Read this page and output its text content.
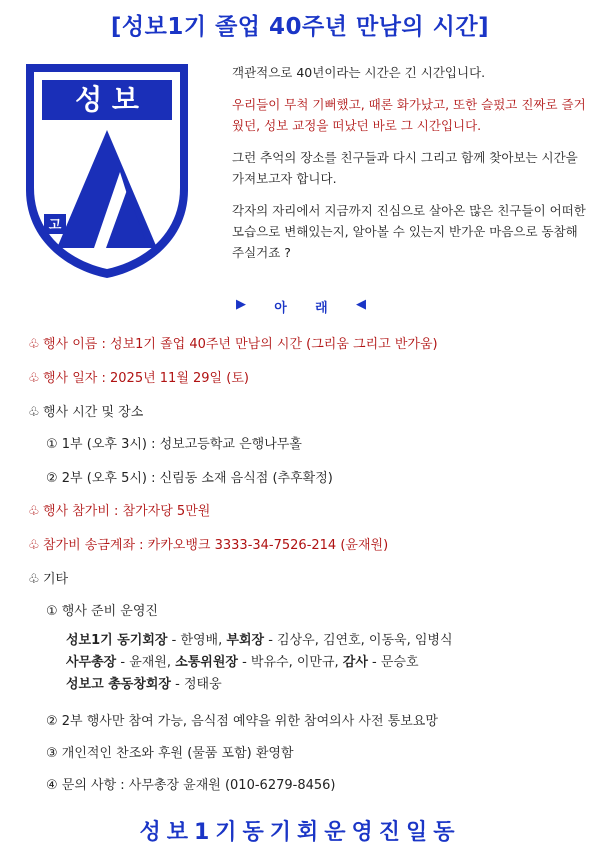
[성보1기 졸업 40주년 만남의 시간]
성 보
고

객관적으로 40년이라는 시간은 긴 시간입니다.

우리들이 무척 기뻐했고, 때론 화가났고, 또한 슬펐고 진짜로 즐거웠던, 성보 교정을 떠났던 바로 그 시간입니다.

그런 추억의 장소를 친구들과 다시 그리고 함께 찾아보는 시간을 가져보고자 합니다.

각자의 자리에서 지금까지 진심으로 살아온 많은 친구들이 어떠한 모습으로 변해있는지, 알아볼 수 있는지 반가운 마음으로 동참해 주실거죠 ?

▶ 아 래 ◀
♧ 행사 이름 : 성보1기 졸업 40주년 만남의 시간 (그리움 그리고 반가움)
♧ 행사 일자 : 2025년 11월 29일 (토)
♧ 행사 시간 및 장소
① 1부 (오후 3시) : 성보고등학교 은행나무홀
② 2부 (오후 5시) : 신림동 소재 음식점 (추후확정)
♧ 행사 참가비 : 참가자당 5만원
♧ 참가비 송금계좌 : 카카오뱅크 3333-34-7526-214 (윤재원)
♧ 기타
① 행사 준비 운영진
성보1기 동기회장 - 한영배, 부회장 - 김상우, 김연호, 이동욱, 임병식
사무총장 - 윤재원, 소통위원장 - 박유수, 이만규, 감사 - 문승호
성보고 총동창회장 - 정태웅
② 2부 행사만 참여 가능, 음식점 예약을 위한 참여의사 사전 통보요망
③ 개인적인 찬조와 후원 (물품 포함) 환영함
④ 문의 사항 : 사무총장 윤재원 (010-6279-8456)
성보1기동기회운영진일동
